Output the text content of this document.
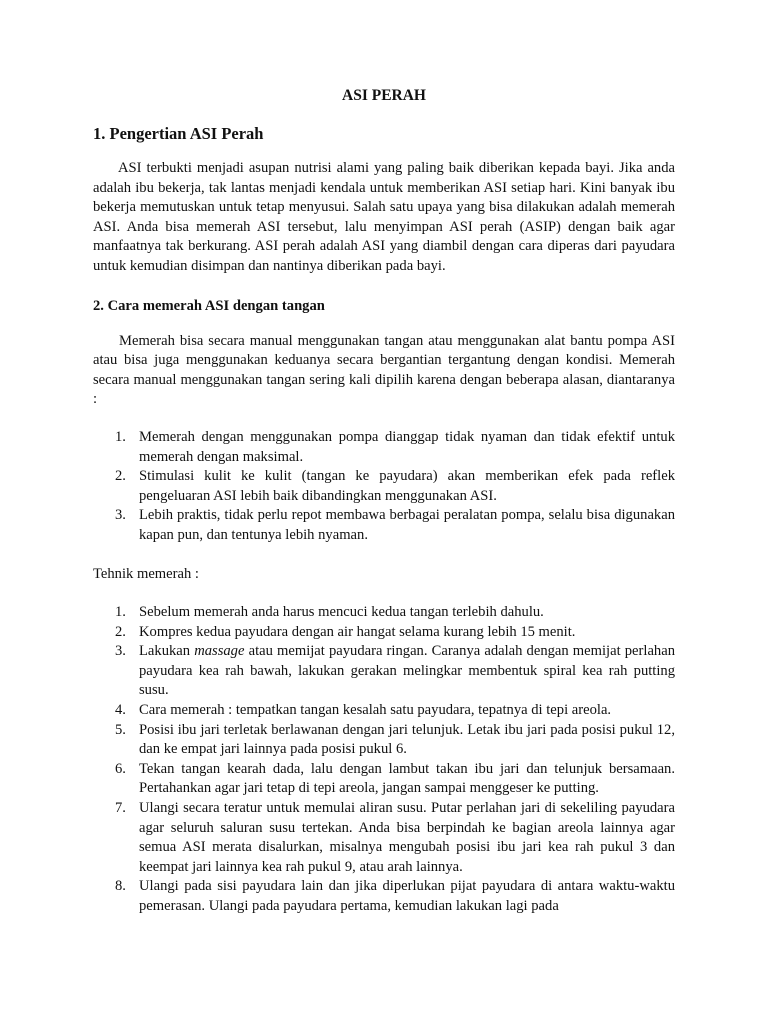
ASI PERAH
1. Pengertian ASI Perah

ASI terbukti menjadi asupan nutrisi alami yang paling baik diberikan kepada bayi. Jika anda adalah ibu bekerja, tak lantas menjadi kendala untuk memberikan ASI setiap hari. Kini banyak ibu bekerja memutuskan untuk tetap menyusui. Salah satu upaya yang bisa dilakukan adalah memerah ASI. Anda bisa memerah ASI tersebut, lalu menyimpan ASI perah (ASIP) dengan baik agar manfaatnya tak berkurang. ASI perah adalah ASI yang diambil dengan cara diperas dari payudara untuk kemudian disimpan dan nantinya diberikan pada bayi.

2. Cara memerah ASI dengan tangan

Memerah bisa secara manual menggunakan tangan atau menggunakan alat bantu pompa ASI atau bisa juga menggunakan keduanya secara bergantian tergantung dengan kondisi. Memerah secara manual menggunakan tangan sering kali dipilih karena dengan beberapa alasan, diantaranya :

1. Memerah dengan menggunakan pompa dianggap tidak nyaman dan tidak efektif untuk memerah dengan maksimal.
2. Stimulasi kulit ke kulit (tangan ke payudara) akan memberikan efek pada reflek pengeluaran ASI lebih baik dibandingkan menggunakan ASI.
3. Lebih praktis, tidak perlu repot membawa berbagai peralatan pompa, selalu bisa digunakan kapan pun, dan tentunya lebih nyaman.

Tehnik memerah :

1. Sebelum memerah anda harus mencuci kedua tangan terlebih dahulu.
2. Kompres kedua payudara dengan air hangat selama kurang lebih 15 menit.
3. Lakukan massage atau memijat payudara ringan. Caranya adalah dengan memijat perlahan payudara kea rah bawah, lakukan gerakan melingkar membentuk spiral kea rah putting susu.
4. Cara memerah : tempatkan tangan kesalah satu payudara, tepatnya di tepi areola.
5. Posisi ibu jari terletak berlawanan dengan jari telunjuk. Letak ibu jari pada posisi pukul 12, dan ke empat jari lainnya pada posisi pukul 6.
6. Tekan tangan kearah dada, lalu dengan lambut takan ibu jari dan telunjuk bersamaan. Pertahankan agar jari tetap di tepi areola, jangan sampai menggeser ke putting.
7. Ulangi secara teratur untuk memulai aliran susu. Putar perlahan jari di sekeliling payudara agar seluruh saluran susu tertekan. Anda bisa berpindah ke bagian areola lainnya agar semua ASI merata disalurkan, misalnya mengubah posisi ibu jari kea rah pukul 3 dan keempat jari lainnya kea rah pukul 9, atau arah lainnya.
8. Ulangi pada sisi payudara lain dan jika diperlukan pijat payudara di antara waktu-waktu pemerasan. Ulangi pada payudara pertama, kemudian lakukan lagi pada
